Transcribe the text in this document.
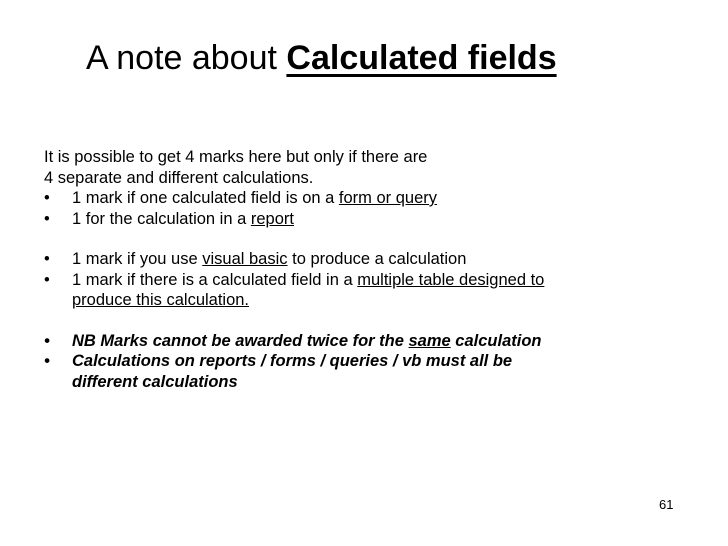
A note about Calculated fields

It is possible to get 4 marks here but only if there are

4 separate and different calculations.

• 1 mark if one calculated field is on a form or query
• 1 for the calculation in a report
• 1 mark if you use visual basic to produce a calculation
• 1 mark if there is a calculated field in a multiple table designed to
produce this calculation.
• NB Marks cannot be awarded twice for the same calculation
• Calculations on reports / forms / queries / vb must all be
different calculations
61
